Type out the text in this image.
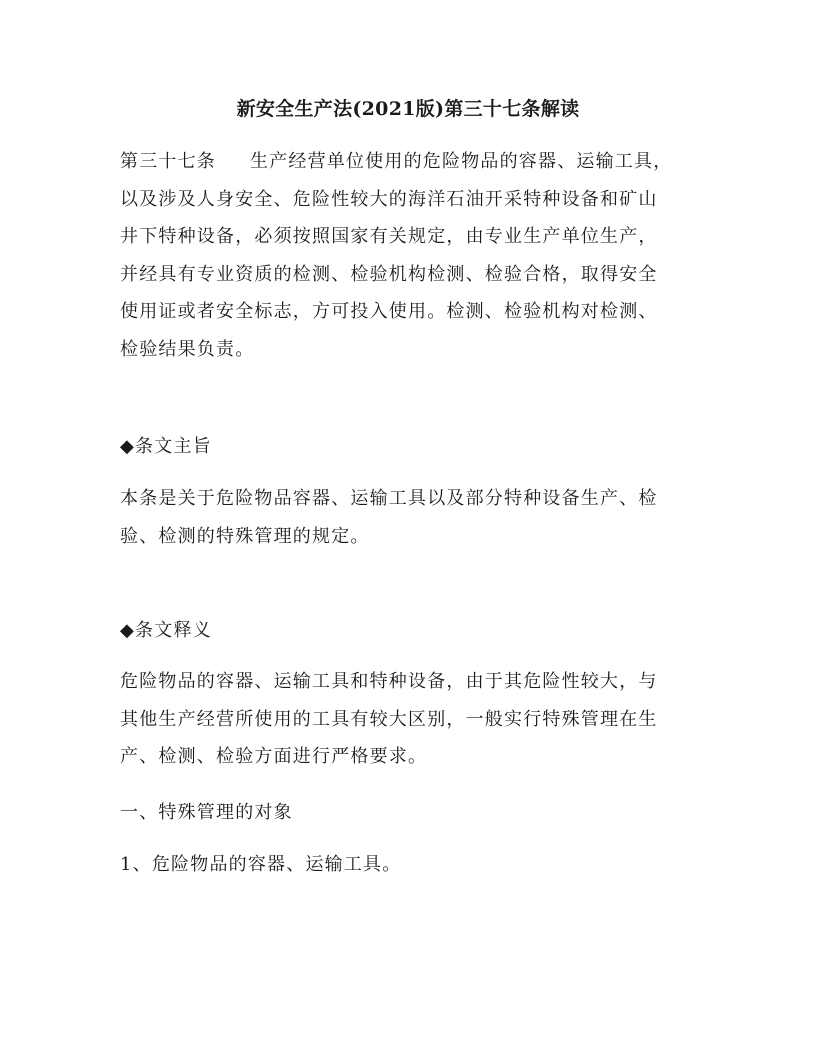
新安全生产法(2021版)第三十七条解读
第三十七条 生产经营单位使用的危险物品的容器、运输工具，
以及涉及人身安全、危险性较大的海洋石油开采特种设备和矿山
井下特种设备，必须按照国家有关规定，由专业生产单位生产，
并经具有专业资质的检测、检验机构检测、检验合格，取得安全
使用证或者安全标志，方可投入使用。检测、检验机构对检测、
检验结果负责。
◆条文主旨
本条是关于危险物品容器、运输工具以及部分特种设备生产、检
验、检测的特殊管理的规定。
◆条文释义
危险物品的容器、运输工具和特种设备，由于其危险性较大，与
其他生产经营所使用的工具有较大区别，一般实行特殊管理在生
产、检测、检验方面进行严格要求。
一、特殊管理的对象
1、危险物品的容器、运输工具。
